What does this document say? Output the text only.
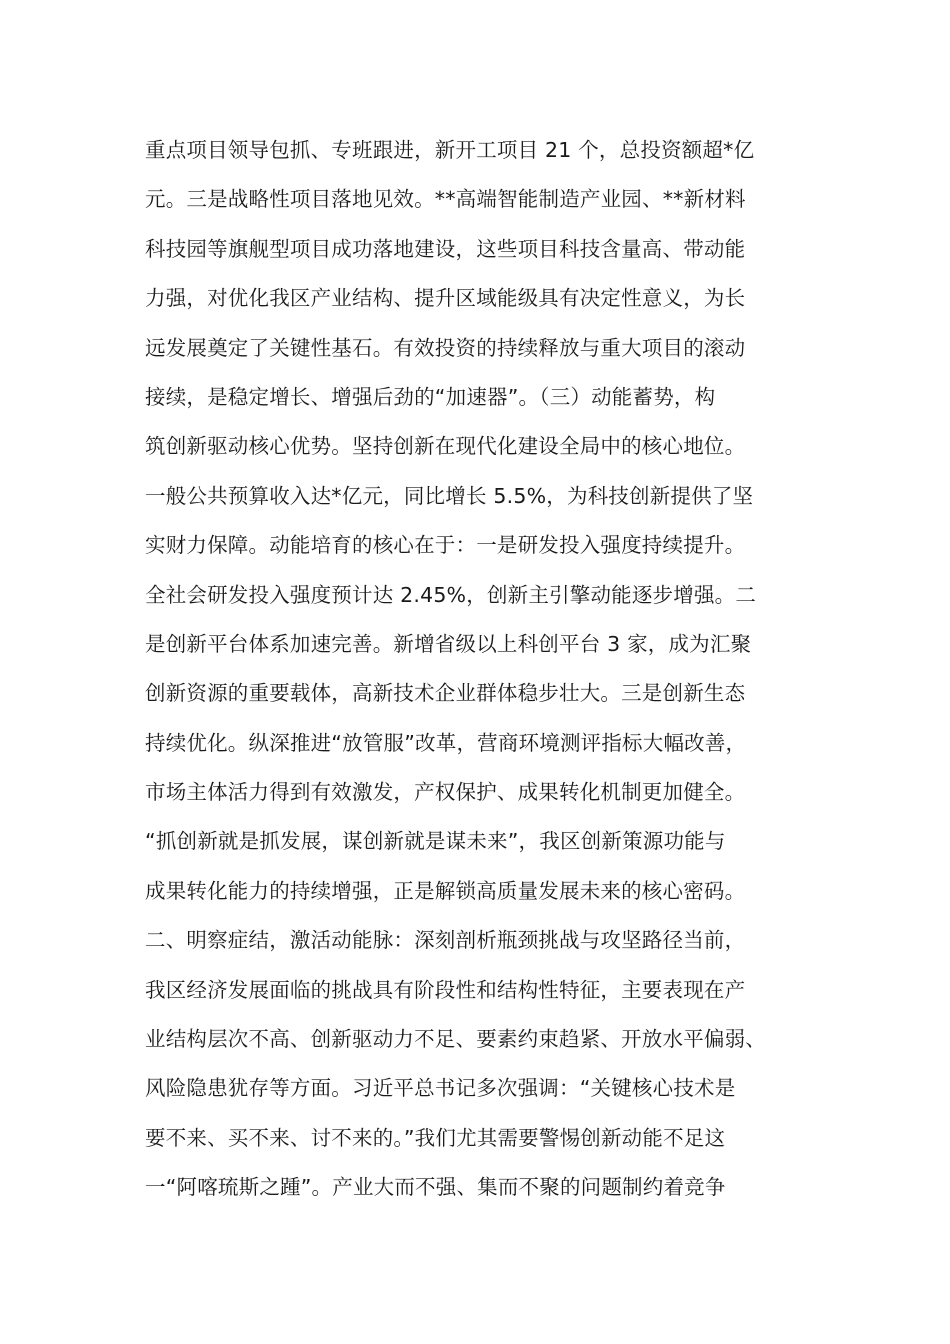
重点项目领导包抓、专班跟进，新开工项目 21 个，总投资额超*亿
元。三是战略性项目落地见效。**高端智能制造产业园、**新材料
科技园等旗舰型项目成功落地建设，这些项目科技含量高、带动能
力强，对优化我区产业结构、提升区域能级具有决定性意义，为长
远发展奠定了关键性基石。有效投资的持续释放与重大项目的滚动
接续，是稳定增长、增强后劲的“加速器”。（三）动能蓄势，构
筑创新驱动核心优势。坚持创新在现代化建设全局中的核心地位。
一般公共预算收入达*亿元，同比增长 5.5%，为科技创新提供了坚
实财力保障。动能培育的核心在于：一是研发投入强度持续提升。
全社会研发投入强度预计达 2.45%，创新主引擎动能逐步增强。二
是创新平台体系加速完善。新增省级以上科创平台 3 家，成为汇聚
创新资源的重要载体，高新技术企业群体稳步壮大。三是创新生态
持续优化。纵深推进“放管服”改革，营商环境测评指标大幅改善，
市场主体活力得到有效激发，产权保护、成果转化机制更加健全。
“抓创新就是抓发展，谋创新就是谋未来”，我区创新策源功能与
成果转化能力的持续增强，正是解锁高质量发展未来的核心密码。
二、明察症结，激活动能脉：深刻剖析瓶颈挑战与攻坚路径当前，
我区经济发展面临的挑战具有阶段性和结构性特征，主要表现在产
业结构层次不高、创新驱动力不足、要素约束趋紧、开放水平偏弱、
风险隐患犹存等方面。习近平总书记多次强调：“关键核心技术是
要不来、买不来、讨不来的。”我们尤其需要警惕创新动能不足这
一“阿喀琉斯之踵”。产业大而不强、集而不聚的问题制约着竞争
